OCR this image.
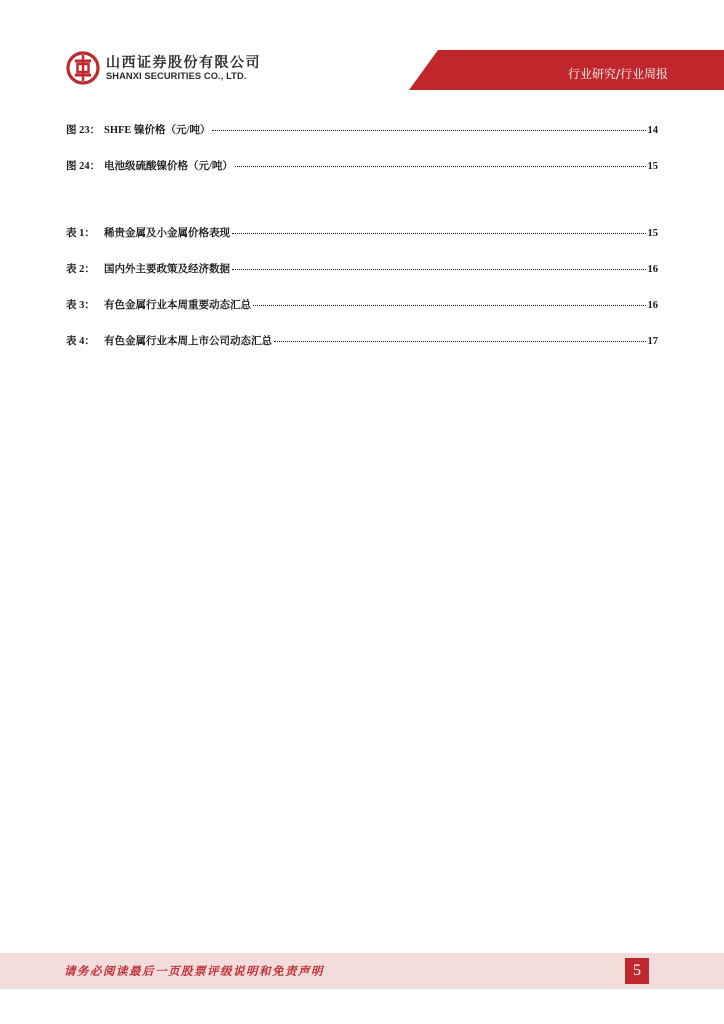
山西证券股份有限公司
SHANXI SECURITIES CO., LTD.	行业研究/行业周报
图 23： SHFE 镍价格（元/吨）	14
图 24： 电池级硫酸镍价格（元/吨）	15
表 1： 稀贵金属及小金属价格表现	15
表 2： 国内外主要政策及经济数据	16
表 3： 有色金属行业本周重要动态汇总	16
表 4： 有色金属行业本周上市公司动态汇总	17
请务必阅读最后一页股票评级说明和免责声明	5
